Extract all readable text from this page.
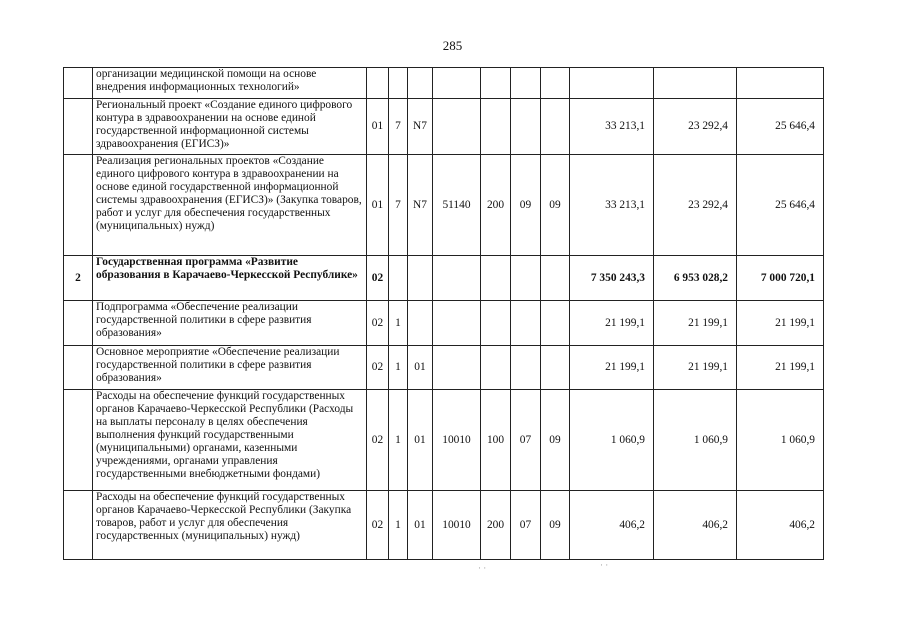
285
	организации медицинской помощи на основе внедрения информационных технологий»										
	Региональный проект «Создание единого цифрового контура в здравоохранении на основе единой государственной информационной системы здравоохранения (ЕГИСЗ)»	01	7	N7					33 213,1	23 292,4	25 646,4
	Реализация региональных проектов «Создание единого цифрового контура в здравоохранении на основе единой государственной информационной системы здравоохранения (ЕГИСЗ)» (Закупка товаров, работ и услуг для обеспечения государственных (муниципальных) нужд)	01	7	N7	51140	200	09	09	33 213,1	23 292,4	25 646,4
2	Государственная программа «Развитие образования в Карачаево-Черкесской Республике»	02							7 350 243,3	6 953 028,2	7 000 720,1
	Подпрограмма «Обеспечение реализации государственной политики в сфере развития образования»	02	1						21 199,1	21 199,1	21 199,1
	Основное мероприятие «Обеспечение реализации государственной политики в сфере развития образования»	02	1	01					21 199,1	21 199,1	21 199,1
	Расходы на обеспечение функций государственных органов Карачаево-Черкесской Республики (Расходы на выплаты персоналу в целях обеспечения выполнения функций государственными (муниципальными) органами, казенными учреждениями, органами управления государственными внебюджетными фондами)	02	1	01	10010	100	07	09	1 060,9	1 060,9	1 060,9
	Расходы на обеспечение функций государственных органов Карачаево-Черкесской Республики (Закупка товаров, работ и услуг для обеспечения государственных (муниципальных) нужд)	02	1	01	10010	200	07	09	406,2	406,2	406,2
· ·	· ·
